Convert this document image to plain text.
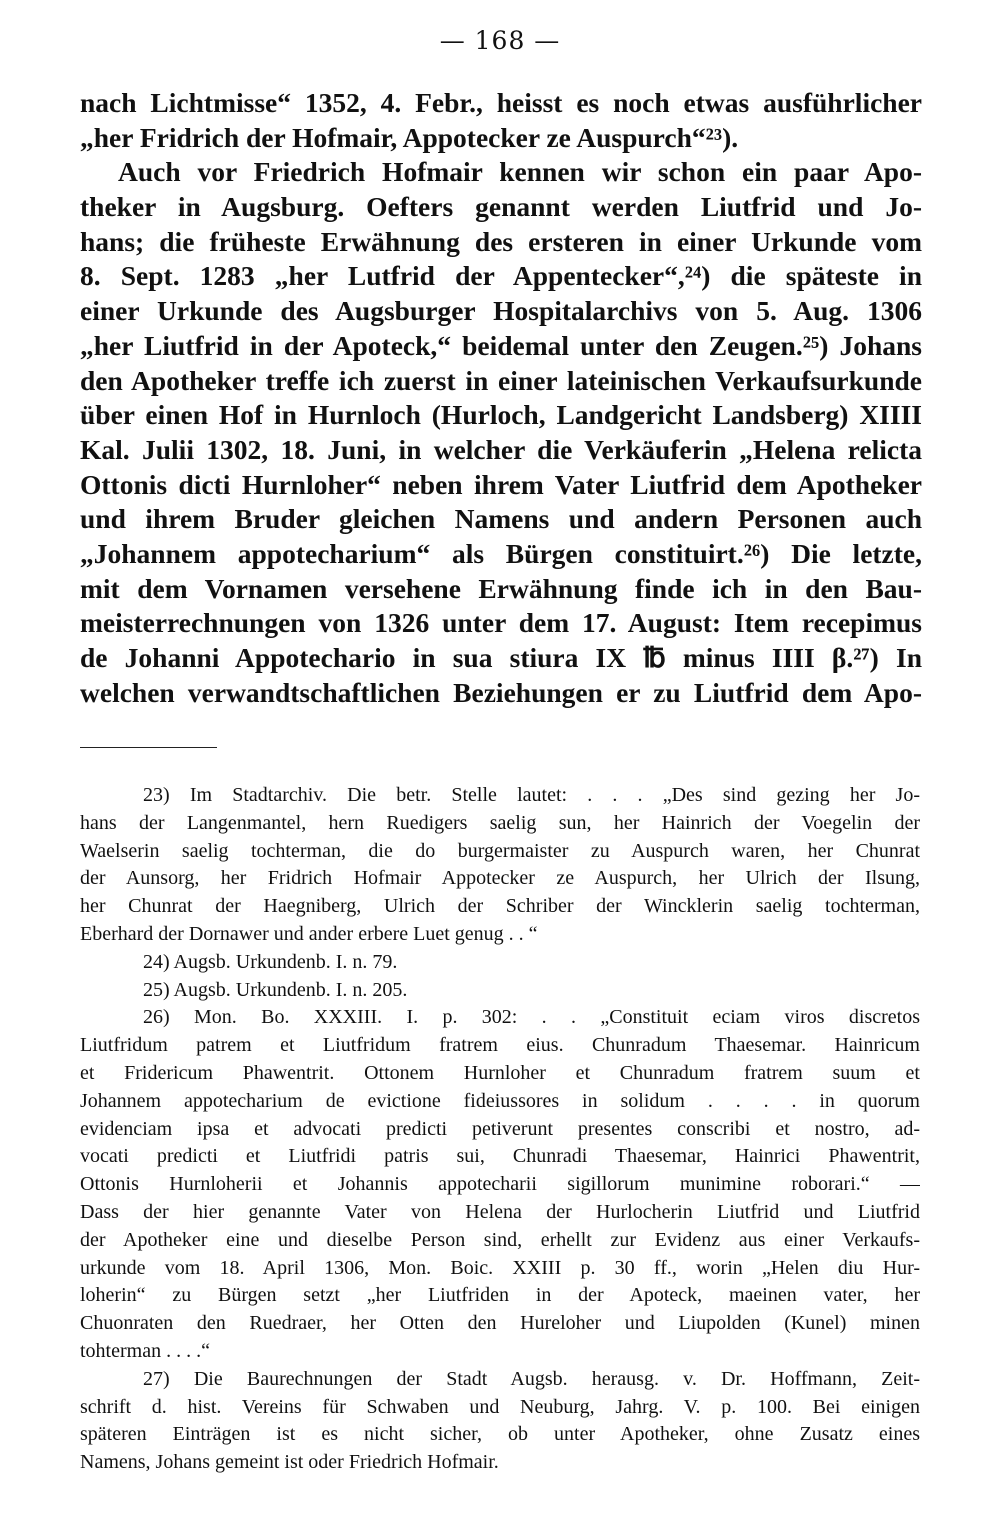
— 168 —
nach Lichtmisse“ 1352, 4. Febr., heisst es noch etwas ausführlicher
„her Fridrich der Hofmair, Appotecker ze Auspurch“²³).
Auch vor Friedrich Hofmair kennen wir schon ein paar Apo-
theker in Augsburg. Oefters genannt werden Liutfrid und Jo-
hans; die früheste Erwähnung des ersteren in einer Urkunde vom
8. Sept. 1283 „her Lutfrid der Appentecker“,²⁴) die späteste in
einer Urkunde des Augsburger Hospitalarchivs von 5. Aug. 1306
„her Liutfrid in der Apoteck,“ beidemal unter den Zeugen.²⁵) Johans
den Apotheker treffe ich zuerst in einer lateinischen Verkaufsurkunde
über einen Hof in Hurnloch (Hurloch, Landgericht Landsberg) XIIII
Kal. Julii 1302, 18. Juni, in welcher die Verkäuferin „Helena relicta
Ottonis dicti Hurnloher“ neben ihrem Vater Liutfrid dem Apotheker
und ihrem Bruder gleichen Namens und andern Personen auch
„Johannem appotecharium“ als Bürgen constituirt.²⁶) Die letzte,
mit dem Vornamen versehene Erwähnung finde ich in den Bau-
meisterrechnungen von 1326 unter dem 17. August: Item recepimus
de Johanni Appotechario in sua stiura IX ℔ minus IIII β.²⁷) In
welchen verwandtschaftlichen Beziehungen er zu Liutfrid dem Apo-
23) Im Stadtarchiv. Die betr. Stelle lautet: . . . „Des sind gezing her Jo-
hans der Langenmantel, hern Ruedigers saelig sun, her Hainrich der Voegelin der
Waelserin saelig tochterman, die do burgermaister zu Auspurch waren, her Chunrat
der Aunsorg, her Fridrich Hofmair Appotecker ze Auspurch, her Ulrich der Ilsung,
her Chunrat der Haegniberg, Ulrich der Schriber der Wincklerin saelig tochterman,
Eberhard der Dornawer und ander erbere Luet genug . . “
24) Augsb. Urkundenb. I. n. 79.
25) Augsb. Urkundenb. I. n. 205.
26) Mon. Bo. XXXIII. I. p. 302: . . „Constituit eciam viros discretos
Liutfridum patrem et Liutfridum fratrem eius. Chunradum Thaesemar. Hainricum
et Fridericum Phawentrit. Ottonem Hurnloher et Chunradum fratrem suum et
Johannem appotecharium de evictione fideiussores in solidum . . . . in quorum
evidenciam ipsa et advocati predicti petiverunt presentes conscribi et nostro, ad-
vocati predicti et Liutfridi patris sui, Chunradi Thaesemar, Hainrici Phawentrit,
Ottonis Hurnloherii et Johannis appotecharii sigillorum munimine roborari.“ —
Dass der hier genannte Vater von Helena der Hurlocherin Liutfrid und Liutfrid
der Apotheker eine und dieselbe Person sind, erhellt zur Evidenz aus einer Verkaufs-
urkunde vom 18. April 1306, Mon. Boic. XXIII p. 30 ff., worin „Helen diu Hur-
loherin“ zu Bürgen setzt „her Liutfriden in der Apoteck, maeinen vater, her
Chuonraten den Ruedraer, her Otten den Hureloher und Liupolden (Kunel) minen
tohterman . . . .“
27) Die Baurechnungen der Stadt Augsb. herausg. v. Dr. Hoffmann, Zeit-
schrift d. hist. Vereins für Schwaben und Neuburg, Jahrg. V. p. 100. Bei einigen
späteren Einträgen ist es nicht sicher, ob unter Apotheker, ohne Zusatz eines
Namens, Johans gemeint ist oder Friedrich Hofmair.
